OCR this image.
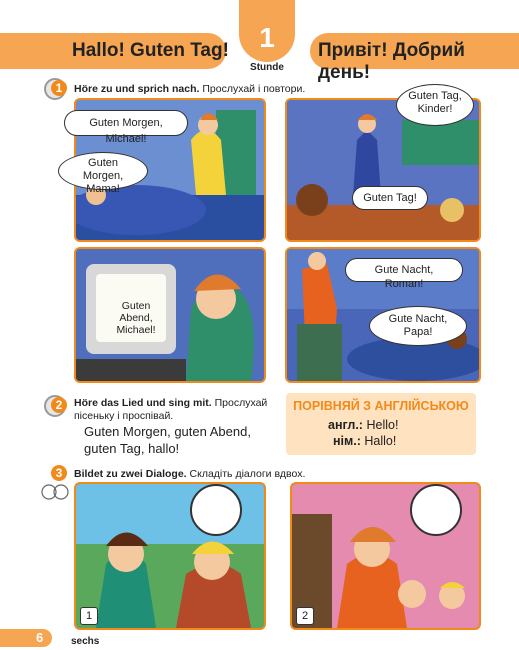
Hallo! Guten Tag!	Привіт! Добрий день!
1
Stunde
1	Höre zu und sprich nach. Прослухай і повтори.
Guten Morgen, Michael!
Guten Morgen, Mama!
Guten Tag, Kinder!
Guten Tag!
Guten Abend, Michael!
Gute Nacht, Roman!
Gute Nacht, Papa!
2	Höre das Lied und sing mit. Прослухай пісеньку і проспівай.
Guten Morgen, guten Abend,
guten Tag, hallo!
ПОРІВНЯЙ З АНГЛІЙСЬКОЮ
англ.: Hello!
нім.: Hallo!
3	Bildet zu zwei Dialoge. Складіть діалоги вдвох.
1	2
6	sechs
